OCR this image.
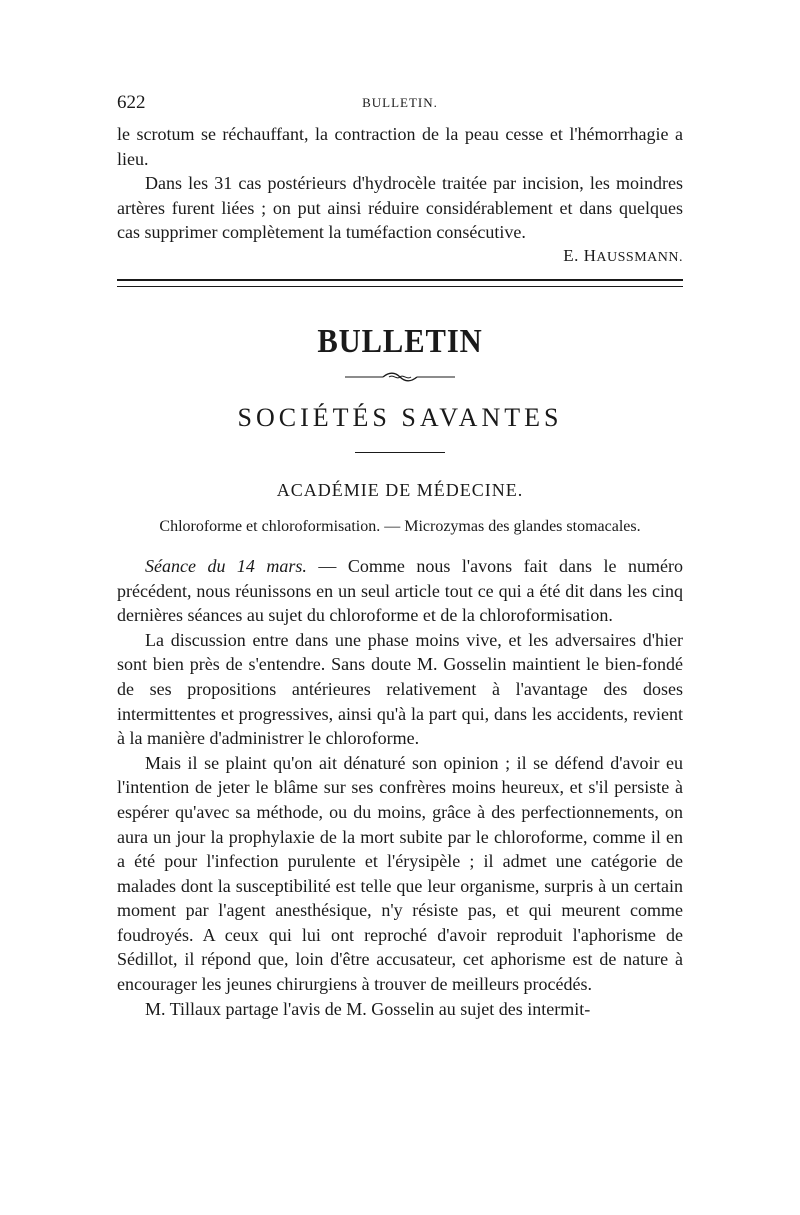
622	BULLETIN.

le scrotum se réchauffant, la contraction de la peau cesse et l'hémorrhagie a lieu.

Dans les 31 cas postérieurs d'hydrocèle traitée par incision, les moindres artères furent liées ; on put ainsi réduire considérablement et dans quelques cas supprimer complètement la tuméfaction consécutive.

E. HAUSSMANN.
BULLETIN
SOCIÉTÉS SAVANTES
ACADÉMIE DE MÉDECINE.
Chloroforme et chloroformisation. — Microzymas des glandes stomacales.

Séance du 14 mars. — Comme nous l'avons fait dans le numéro précédent, nous réunissons en un seul article tout ce qui a été dit dans les cinq dernières séances au sujet du chloroforme et de la chloroformisation.

La discussion entre dans une phase moins vive, et les adversaires d'hier sont bien près de s'entendre. Sans doute M. Gosselin maintient le bien-fondé de ses propositions antérieures relativement à l'avantage des doses intermittentes et progressives, ainsi qu'à la part qui, dans les accidents, revient à la manière d'administrer le chloroforme.

Mais il se plaint qu'on ait dénaturé son opinion ; il se défend d'avoir eu l'intention de jeter le blâme sur ses confrères moins heureux, et s'il persiste à espérer qu'avec sa méthode, ou du moins, grâce à des perfectionnements, on aura un jour la prophylaxie de la mort subite par le chloroforme, comme il en a été pour l'infection purulente et l'érysipèle ; il admet une catégorie de malades dont la susceptibilité est telle que leur organisme, surpris à un certain moment par l'agent anesthésique, n'y résiste pas, et qui meurent comme foudroyés. A ceux qui lui ont reproché d'avoir reproduit l'aphorisme de Sédillot, il répond que, loin d'être accusateur, cet aphorisme est de nature à encourager les jeunes chirurgiens à trouver de meilleurs procédés.

M. Tillaux partage l'avis de M. Gosselin au sujet des intermit-
